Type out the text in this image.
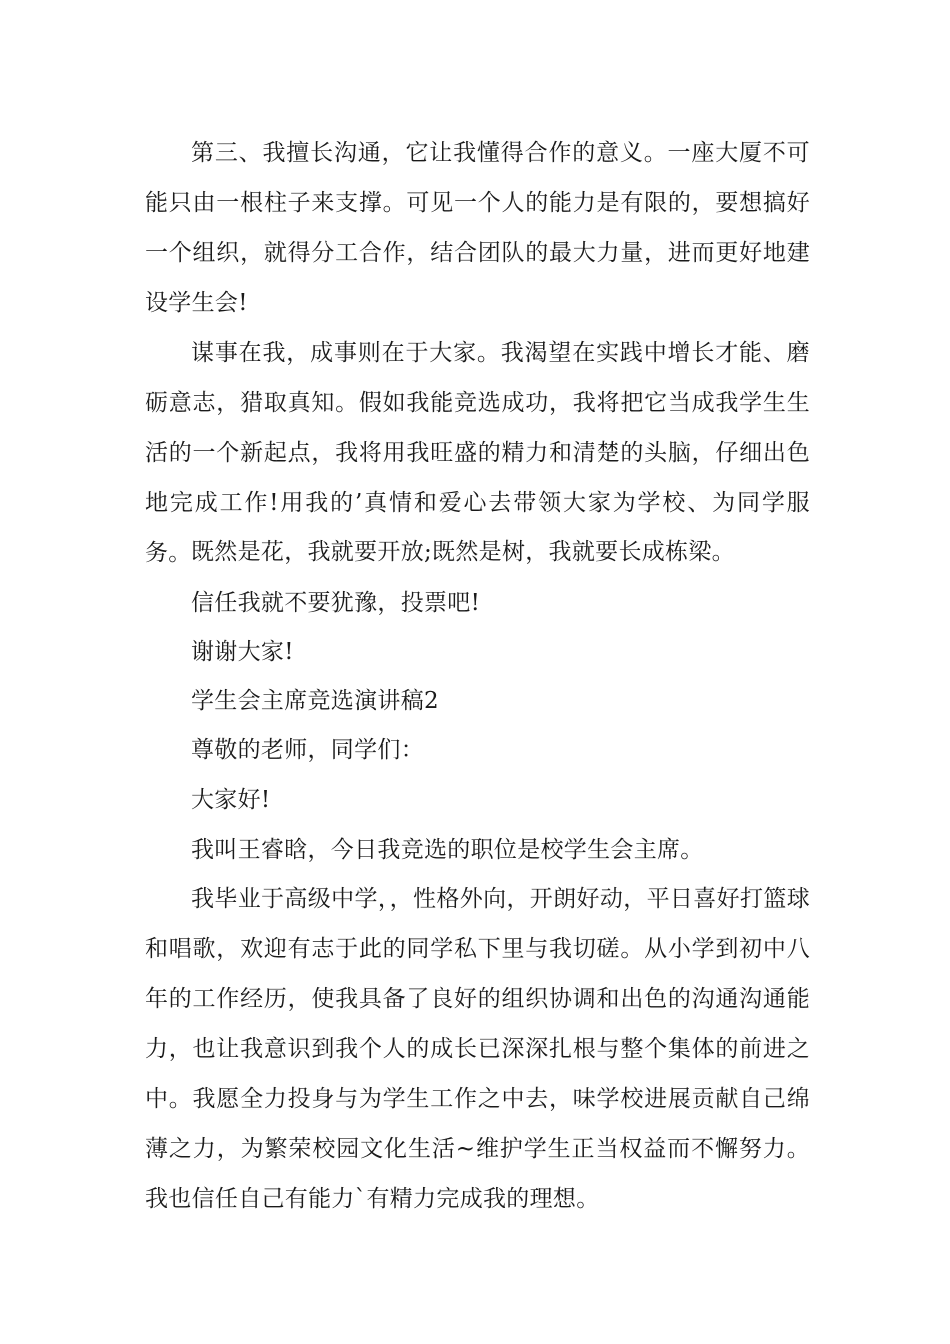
第三、我擅长沟通，它让我懂得合作的意义。一座大厦不可能只由一根柱子来支撑。可见一个人的能力是有限的，要想搞好一个组织，就得分工合作，结合团队的最大力量，进而更好地建设学生会!

谋事在我，成事则在于大家。我渴望在实践中增长才能、磨砺意志，猎取真知。假如我能竞选成功，我将把它当成我学生生活的一个新起点，我将用我旺盛的精力和清楚的头脑，仔细出色地完成工作!用我的’真情和爱心去带领大家为学校、为同学服务。 既然是花，我就要开放;既然是树，我就要长成栋梁。

信任我就不要犹豫，投票吧!

谢谢大家!

学生会主席竞选演讲稿2

尊敬的老师，同学们：

大家好!

我叫王睿晗，今日我竞选的职位是校学生会主席。

我毕业于高级中学，，性格外向，开朗好动，平日喜好打篮球和唱歌，欢迎有志于此的同学私下里与我切磋。从小学到初中八年的工作经历，使我具备了良好的组织协调和出色的沟通沟通能力，也让我意识到我个人的成长已深深扎根与整个集体的前进之中。我愿全力投身与为学生工作之中去，味学校进展贡献自己绵薄之力，为繁荣校园文化生活~维护学生正当权益而不懈努力。我也信任自己有能力`有精力完成我的理想。
